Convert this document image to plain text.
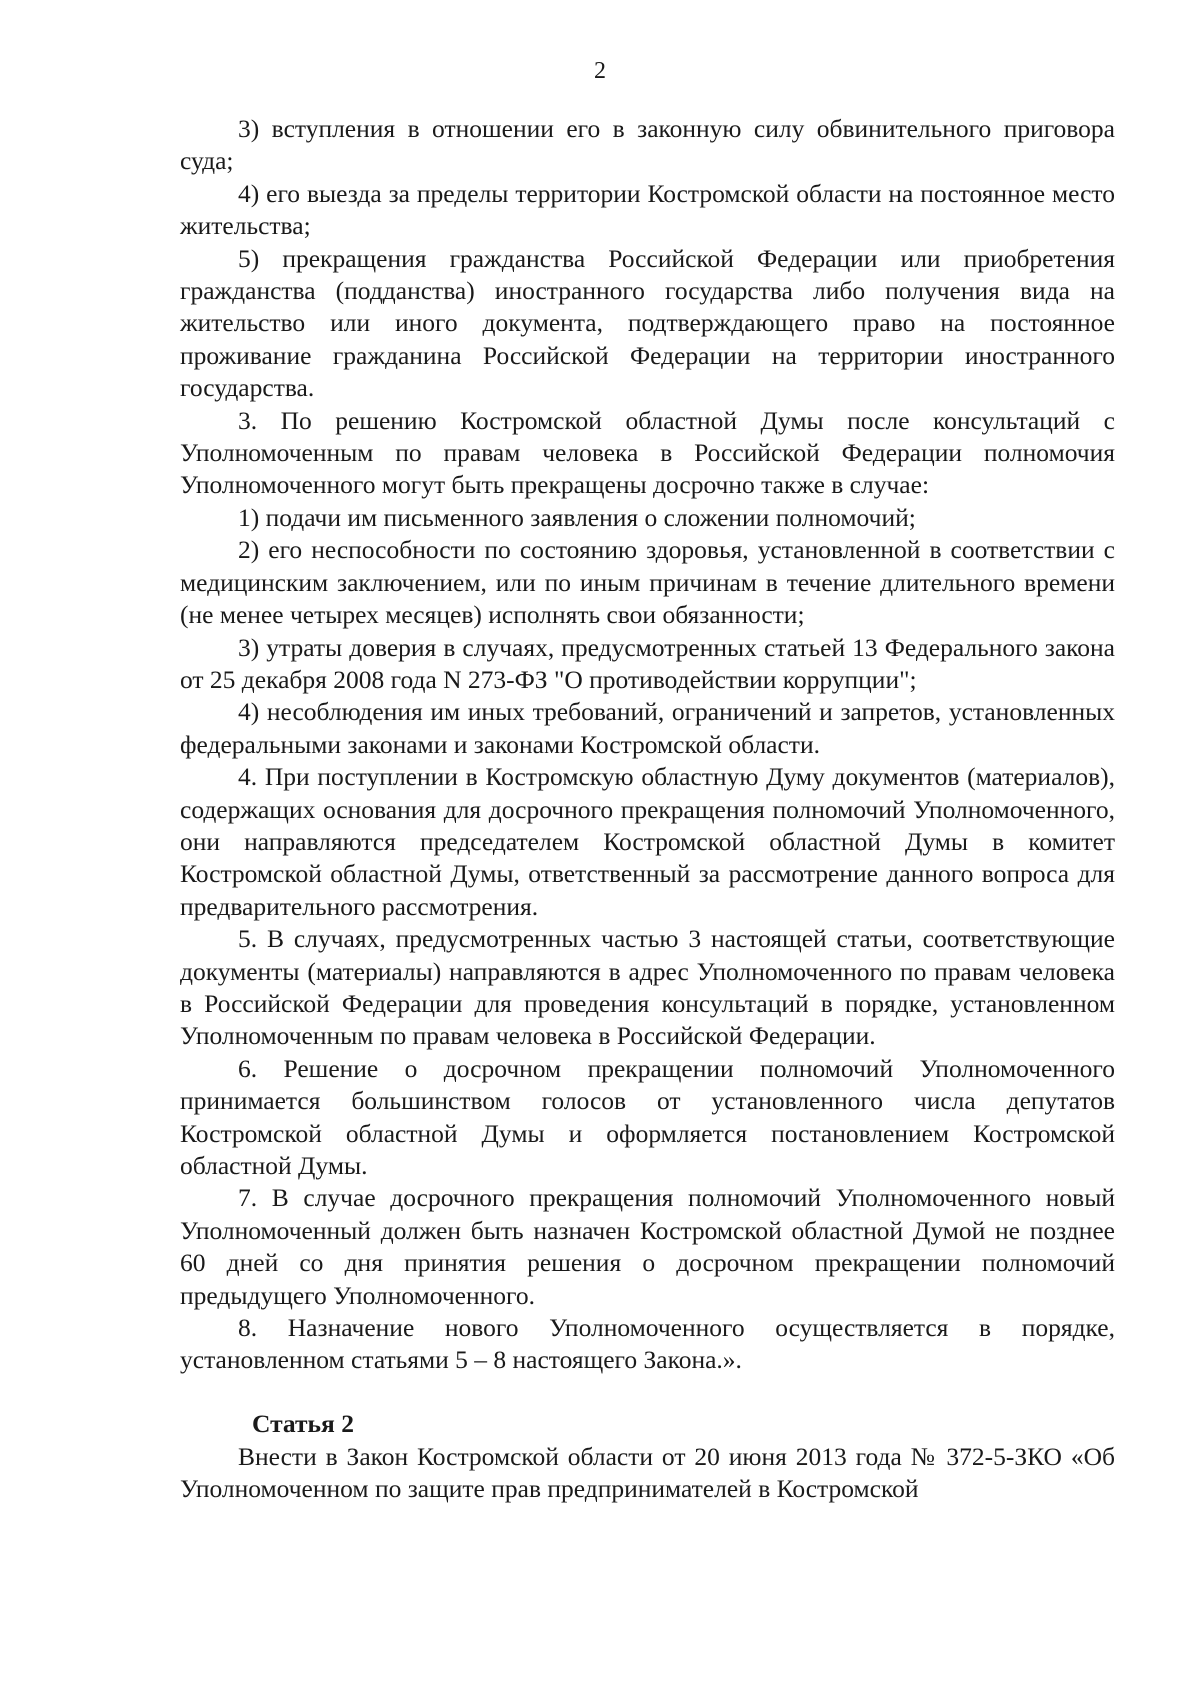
2

3) вступления в отношении его в законную силу обвинительного приговора суда;

4) его выезда за пределы территории Костромской области на постоянное место жительства;

5) прекращения гражданства Российской Федерации или приобретения гражданства (подданства) иностранного государства либо получения вида на жительство или иного документа, подтверждающего право на постоянное проживание гражданина Российской Федерации на территории иностранного государства.

3. По решению Костромской областной Думы после консультаций с Уполномоченным по правам человека в Российской Федерации полномочия Уполномоченного могут быть прекращены досрочно также в случае:

1) подачи им письменного заявления о сложении полномочий;

2) его неспособности по состоянию здоровья, установленной в соответствии с медицинским заключением, или по иным причинам в течение длительного времени (не менее четырех месяцев) исполнять свои обязанности;

3) утраты доверия в случаях, предусмотренных статьей 13 Федерального закона от 25 декабря 2008 года N 273-ФЗ "О противодействии коррупции";

4) несоблюдения им иных требований, ограничений и запретов, установленных федеральными законами и законами Костромской области.

4. При поступлении в Костромскую областную Думу документов (материалов), содержащих основания для досрочного прекращения полномочий Уполномоченного, они направляются председателем Костромской областной Думы в комитет Костромской областной Думы, ответственный за рассмотрение данного вопроса для предварительного рассмотрения.

5. В случаях, предусмотренных частью 3 настоящей статьи, соответствующие документы (материалы) направляются в адрес Уполномоченного по правам человека в Российской Федерации для проведения консультаций в порядке, установленном Уполномоченным по правам человека в Российской Федерации.

6. Решение о досрочном прекращении полномочий Уполномоченного принимается большинством голосов от установленного числа депутатов Костромской областной Думы и оформляется постановлением Костромской областной Думы.

7. В случае досрочного прекращения полномочий Уполномоченного новый Уполномоченный должен быть назначен Костромской областной Думой не позднее 60 дней со дня принятия решения о досрочном прекращении полномочий предыдущего Уполномоченного.

8. Назначение нового Уполномоченного осуществляется в порядке, установленном статьями 5 – 8 настоящего Закона.».

Статья 2

Внести в Закон Костромской области от 20 июня 2013 года № 372-5-ЗКО «Об Уполномоченном по защите прав предпринимателей в Костромской
